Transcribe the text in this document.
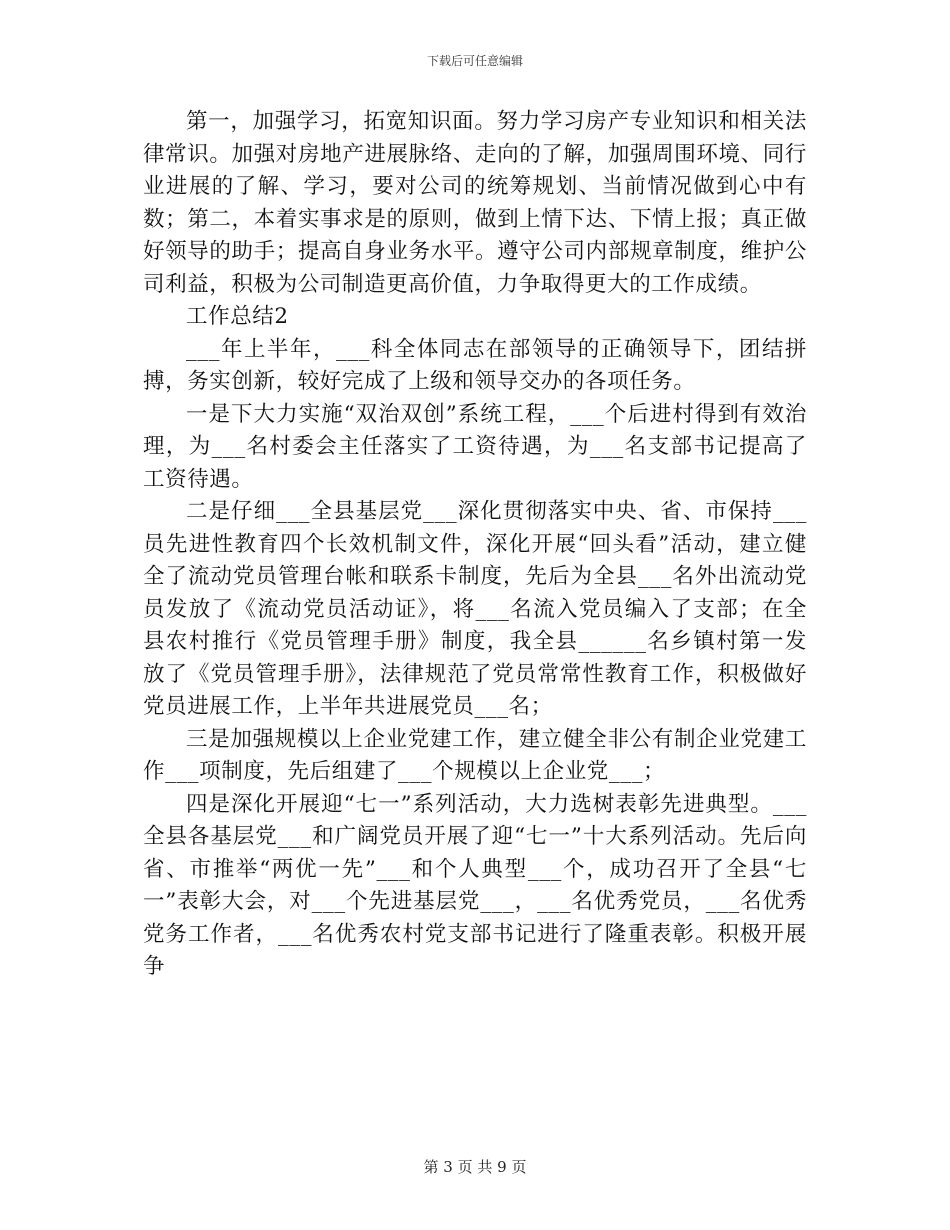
下载后可任意编辑

第一，加强学习，拓宽知识面。努力学习房产专业知识和相关法律常识。加强对房地产进展脉络、走向的了解，加强周围环境、同行业进展的了解、学习，要对公司的统筹规划、当前情况做到心中有数；第二，本着实事求是的原则，做到上情下达、下情上报；真正做好领导的助手；提高自身业务水平。遵守公司内部规章制度，维护公司利益，积极为公司制造更高价值，力争取得更大的工作成绩。

工作总结2

___年上半年，___科全体同志在部领导的正确领导下，团结拼搏，务实创新，较好完成了上级和领导交办的各项任务。

一是下大力实施“双治双创”系统工程，___个后进村得到有效治理，为___名村委会主任落实了工资待遇，为___名支部书记提高了工资待遇。

二是仔细___全县基层党___深化贯彻落实中央、省、市保持___员先进性教育四个长效机制文件，深化开展“回头看”活动，建立健全了流动党员管理台帐和联系卡制度，先后为全县___名外出流动党员发放了《流动党员活动证》，将___名流入党员编入了支部；在全县农村推行《党员管理手册》制度，我全县______名乡镇村第一发放了《党员管理手册》，法律规范了党员常常性教育工作，积极做好党员进展工作，上半年共进展党员___名；

三是加强规模以上企业党建工作，建立健全非公有制企业党建工作___项制度，先后组建了___个规模以上企业党___；

四是深化开展迎“七一”系列活动，大力选树表彰先进典型。___全县各基层党___和广阔党员开展了迎“七一”十大系列活动。先后向省、市推举“两优一先”___和个人典型___个，成功召开了全县“七一”表彰大会，对___个先进基层党___，___名优秀党员，___名优秀党务工作者，___名优秀农村党支部书记进行了隆重表彰。积极开展争

第 3 页 共 9 页
